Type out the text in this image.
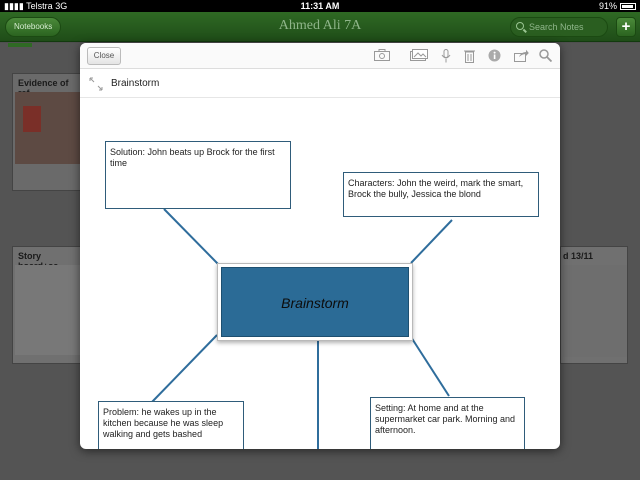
▮▮▮▮ Telstra 3G	11:31 AM	91%
Notebooks	Ahmed Ali 7A	Search Notes	+
Evidence of
Story	d 13/11
Close
Brainstorm
Solution: John beats up Brock for the first time
Characters: John the weird, mark the smart, Brock the bully, Jessica the blond
Brainstorm
Problem: he wakes up in the kitchen because he was sleep walking and gets bashed
Setting: At home and at the supermarket car park. Morning and afternoon.
